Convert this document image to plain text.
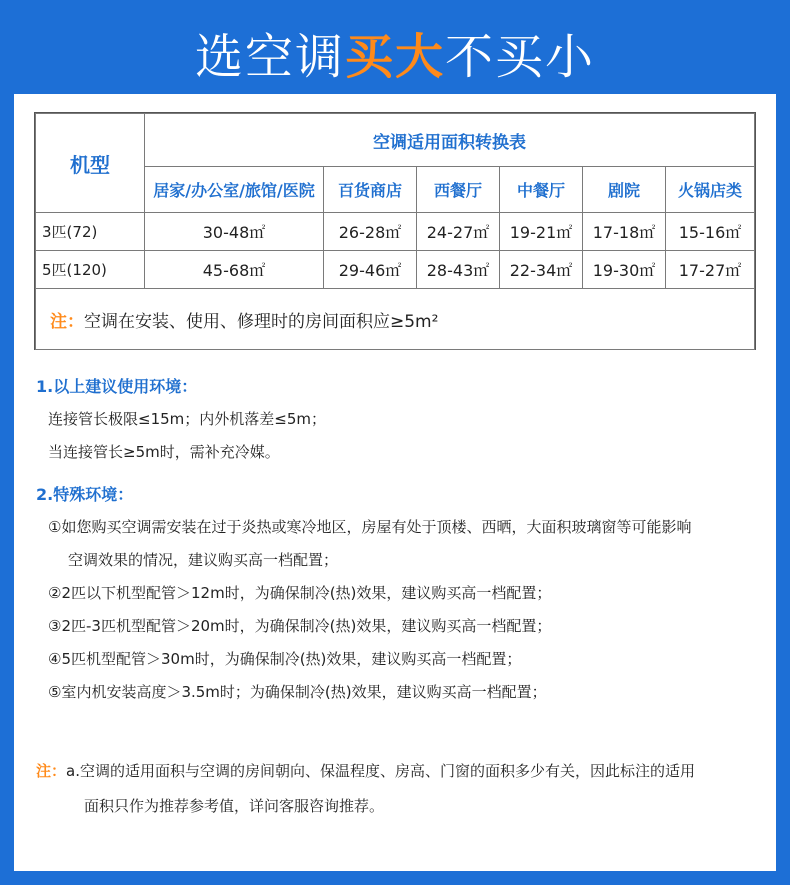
选空调买大不买小
机型	空调适用面积转换表					
	居家/办公室/旅馆/医院	百货商店	西餐厅	中餐厅	剧院	火锅店类
3匹(72)	30-48㎡	26-28㎡	24-27㎡	19-21㎡	17-18㎡	15-16㎡
5匹(120)	45-68㎡	29-46㎡	28-43㎡	22-34㎡	19-30㎡	17-27㎡
注：空调在安装、使用、修理时的房间面积应≥5m²						
1.以上建议使用环境：
连接管长极限≤15m；内外机落差≤5m；
当连接管长≥5m时，需补充冷媒。
2.特殊环境：
①如您购买空调需安装在过于炎热或寒冷地区，房屋有处于顶楼、西晒，大面积玻璃窗等可能影响
空调效果的情况，建议购买高一档配置；
②2匹以下机型配管＞12m时，为确保制冷(热)效果，建议购买高一档配置；
③2匹-3匹机型配管＞20m时，为确保制冷(热)效果，建议购买高一档配置；
④5匹机型配管＞30m时，为确保制冷(热)效果，建议购买高一档配置；
⑤室内机安装高度＞3.5m时；为确保制冷(热)效果，建议购买高一档配置；
注：a.空调的适用面积与空调的房间朝向、保温程度、房高、门窗的面积多少有关，因此标注的适用
面积只作为推荐参考值，详问客服咨询推荐。
